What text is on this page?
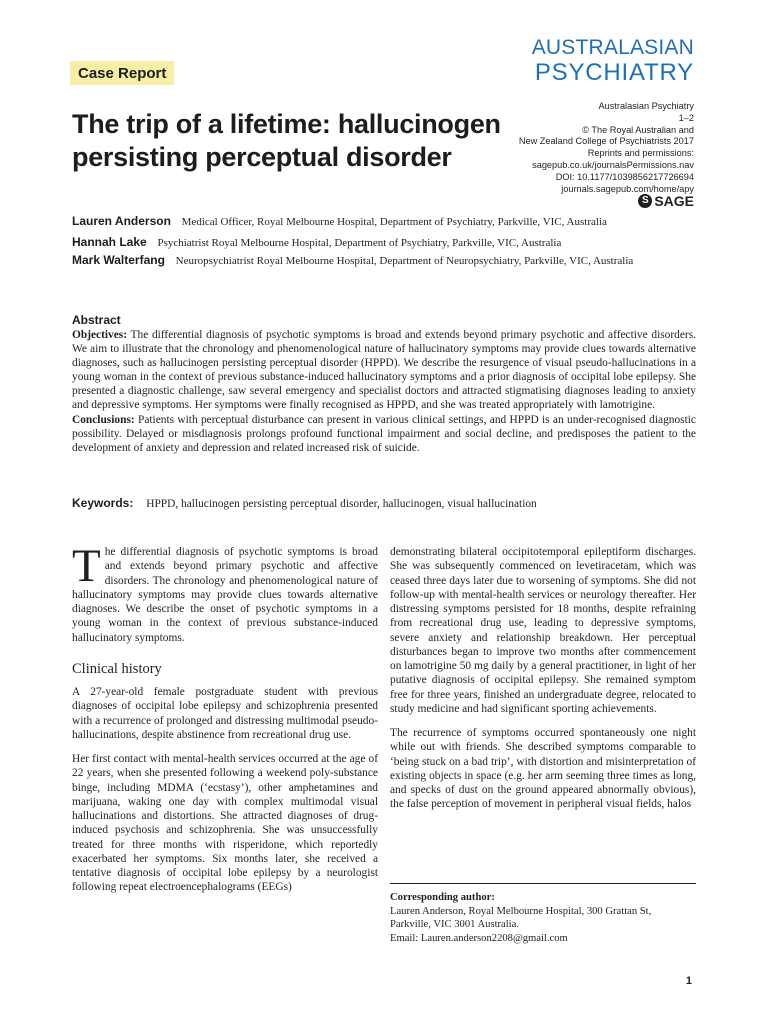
Case Report
AUSTRALASIAN
PSYCHIATRY
The trip of a lifetime: hallucinogen persisting perceptual disorder
Australasian Psychiatry
1–2
© The Royal Australian and
New Zealand College of Psychiatrists 2017
Reprints and permissions:
sagepub.co.uk/journalsPermissions.nav
DOI: 10.1177/1039856217726694
journals.sagepub.com/home/apy
S SAGE
Lauren Anderson Medical Officer, Royal Melbourne Hospital, Department of Psychiatry, Parkville, VIC, Australia
Hannah Lake Psychiatrist Royal Melbourne Hospital, Department of Psychiatry, Parkville, VIC, Australia
Mark Walterfang Neuropsychiatrist Royal Melbourne Hospital, Department of Neuropsychiatry, Parkville, VIC, Australia
Abstract

Objectives: The differential diagnosis of psychotic symptoms is broad and extends beyond primary psychotic and affective disorders. We aim to illustrate that the chronology and phenomenological nature of hallucinatory symptoms may provide clues towards alternative diagnoses, such as hallucinogen persisting perceptual disorder (HPPD). We describe the resurgence of visual pseudo-hallucinations in a young woman in the context of previous substance-induced hallucinatory symptoms and a prior diagnosis of occipital lobe epilepsy. She presented a diagnostic challenge, saw several emergency and specialist doctors and attracted stigmatising diagnoses leading to anxiety and depressive symptoms. Her symptoms were finally recognised as HPPD, and she was treated appropriately with lamotrigine.

Conclusions: Patients with perceptual disturbance can present in various clinical settings, and HPPD is an under-recognised diagnostic possibility. Delayed or misdiagnosis prolongs profound functional impairment and social decline, and predisposes the patient to the development of anxiety and depression and related increased risk of suicide.

Keywords: HPPD, hallucinogen persisting perceptual disorder, hallucinogen, visual hallucination

The differential diagnosis of psychotic symptoms is broad and extends beyond primary psychotic and affective disorders. The chronology and phenomenological nature of hallucinatory symptoms may provide clues towards alternative diagnoses. We describe the onset of psychotic symptoms in a young woman in the context of previous substance-induced hallucinatory symptoms.

Clinical history

A 27-year-old female postgraduate student with previous diagnoses of occipital lobe epilepsy and schizophrenia presented with a recurrence of prolonged and distressing multimodal pseudo-hallucinations, despite abstinence from recreational drug use.

Her first contact with mental-health services occurred at the age of 22 years, when she presented following a weekend poly-substance binge, including MDMA (‘ecstasy’), other amphetamines and marijuana, waking one day with complex multimodal visual hallucinations and distortions. She attracted diagnoses of drug-induced psychosis and schizophrenia. She was unsuccessfully treated for three months with risperidone, which reportedly exacerbated her symptoms. Six months later, she received a tentative diagnosis of occipital lobe epilepsy by a neurologist following repeat electroencephalograms (EEGs)

demonstrating bilateral occipitotemporal epileptiform discharges. She was subsequently commenced on levetiracetam, which was ceased three days later due to worsening of symptoms. She did not follow-up with mental-health services or neurology thereafter. Her distressing symptoms persisted for 18 months, despite refraining from recreational drug use, leading to depressive symptoms, severe anxiety and relationship breakdown. Her perceptual disturbances began to improve two months after commencement on lamotrigine 50 mg daily by a general practitioner, in light of her putative diagnosis of occipital epilepsy. She remained symptom free for three years, finished an undergraduate degree, relocated to study medicine and had significant sporting achievements.

The recurrence of symptoms occurred spontaneously one night while out with friends. She described symptoms comparable to ‘being stuck on a bad trip’, with distortion and misinterpretation of existing objects in space (e.g. her arm seeming three times as long, and specks of dust on the ground appeared abnormally obvious), the false perception of movement in peripheral visual fields, halos

Corresponding author:
Lauren Anderson, Royal Melbourne Hospital, 300 Grattan St,
Parkville, VIC 3001 Australia.
Email: Lauren.anderson2208@gmail.com
1
